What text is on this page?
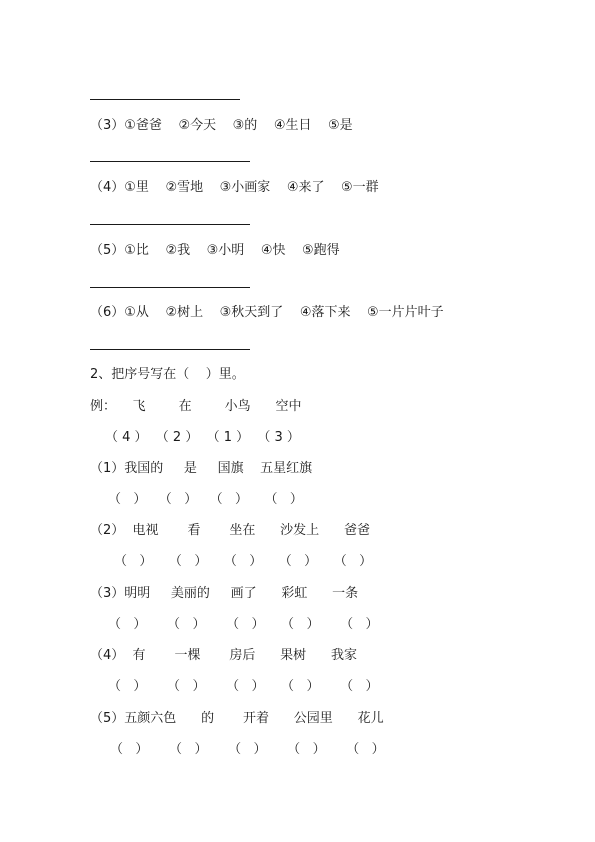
（3）①爸爸    ②今天    ③的    ④生日    ⑤是
（4）①里    ②雪地    ③小画家    ④来了    ⑤一群
（5）①比    ②我    ③小明    ④快    ⑤跑得
（6）①从    ②树上    ③秋天到了    ④落下来    ⑤一片片叶子
2、把序号写在（    ）里。
例：    飞        在        小鸟      空中
（ 4 ）  （ 2 ）  （ 1 ）  （ 3 ）
（1）我国的     是     国旗    五星红旗
（   ）   （   ）   （   ）    （   ）
（2）  电视       看       坐在      沙发上      爸爸
（   ）    （   ）    （   ）    （   ）    （   ）
（3）明明     美丽的     画了      彩虹      一条
（   ）     （   ）     （   ）    （   ）     （   ）
（4）  有       一棵       房后      果树      我家
（   ）     （   ）     （   ）    （   ）     （   ）
（5）五颜六色      的       开着      公园里      花儿
（   ）     （   ）     （   ）     （   ）     （   ）
